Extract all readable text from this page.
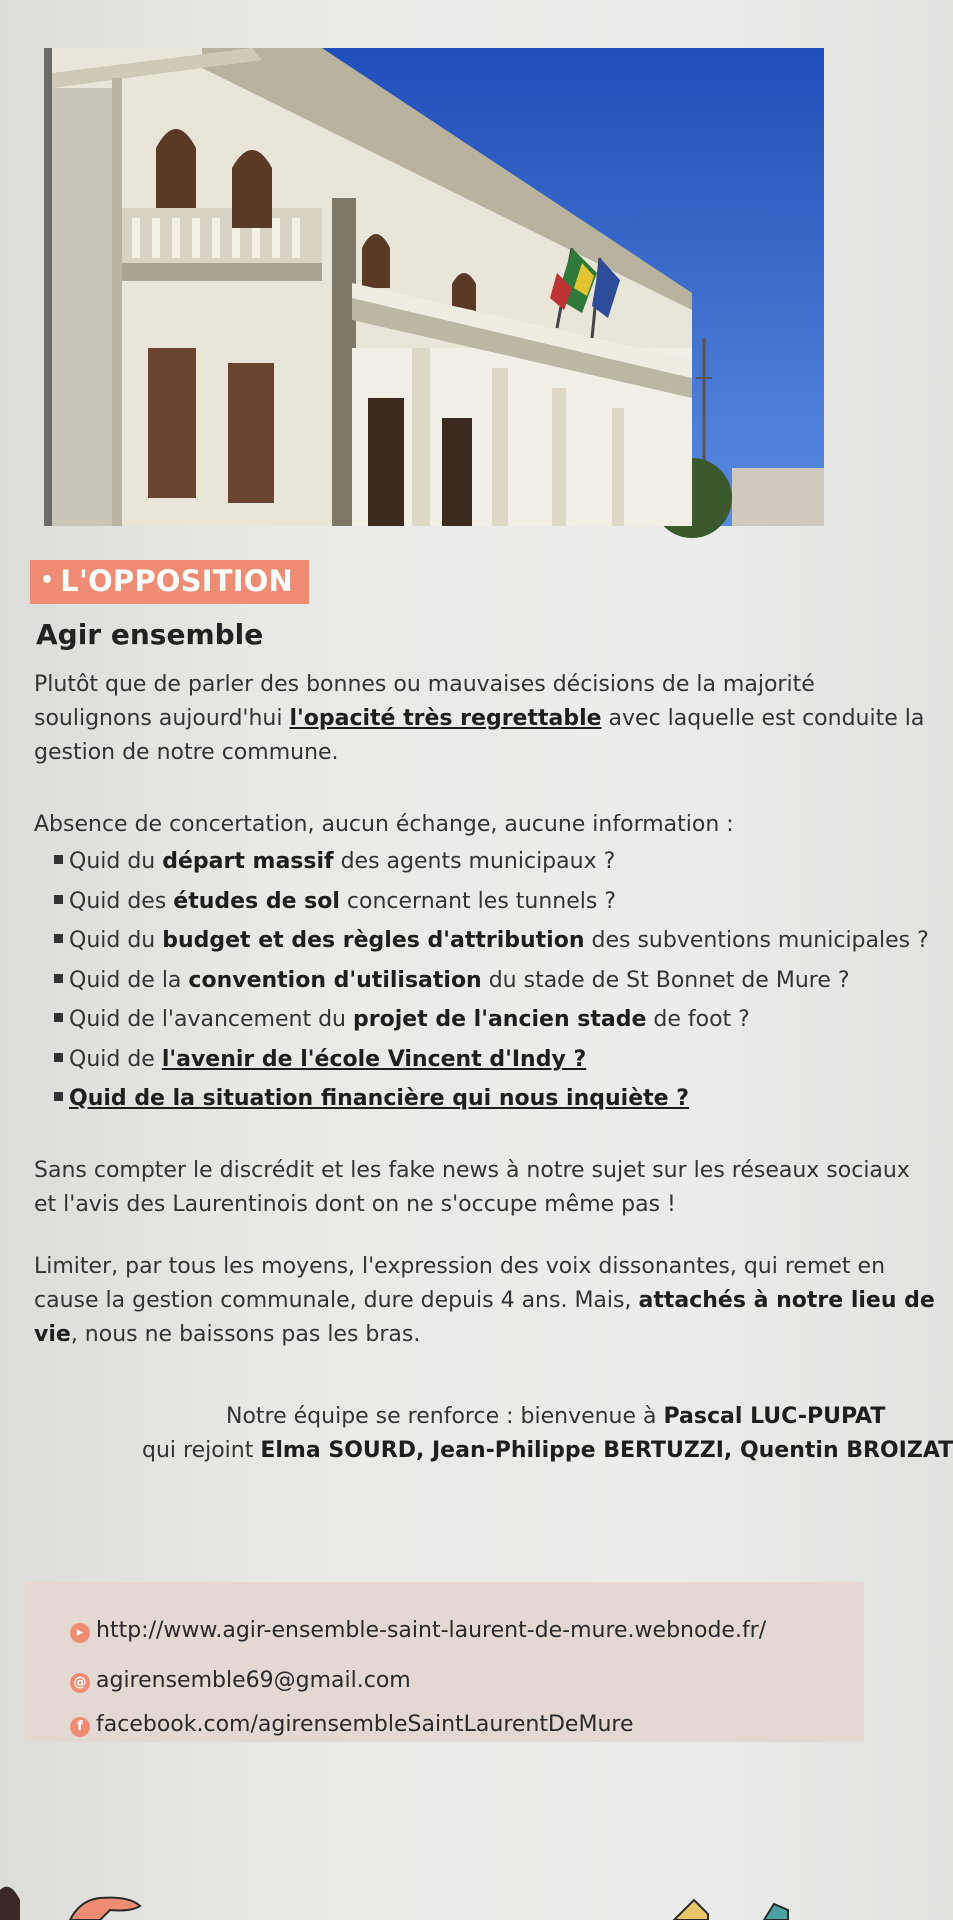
• L'OPPOSITION
Agir ensemble
Plutôt que de parler des bonnes ou mauvaises décisions de la majorité
soulignons aujourd'hui l'opacité très regrettable avec laquelle est conduite la
gestion de notre commune.
Absence de concertation, aucun échange, aucune information :
Quid du départ massif des agents municipaux ?
Quid des études de sol concernant les tunnels ?
Quid du budget et des règles d'attribution des subventions municipales ?
Quid de la convention d'utilisation du stade de St Bonnet de Mure ?
Quid de l'avancement du projet de l'ancien stade de foot ?
Quid de l'avenir de l'école Vincent d'Indy ?
Quid de la situation financière qui nous inquiète ?
Sans compter le discrédit et les fake news à notre sujet sur les réseaux sociaux
et l'avis des Laurentinois dont on ne s'occupe même pas !
Limiter, par tous les moyens, l'expression des voix dissonantes, qui remet en
cause la gestion communale, dure depuis 4 ans. Mais, attachés à notre lieu de
vie, nous ne baissons pas les bras.
Notre équipe se renforce : bienvenue à Pascal LUC-PUPAT
qui rejoint Elma SOURD, Jean-Philippe BERTUZZI, Quentin BROIZAT
▸ http://www.agir-ensemble-saint-laurent-de-mure.webnode.fr/
@ agirensemble69@gmail.com
f facebook.com/agirensembleSaintLaurentDeMure
